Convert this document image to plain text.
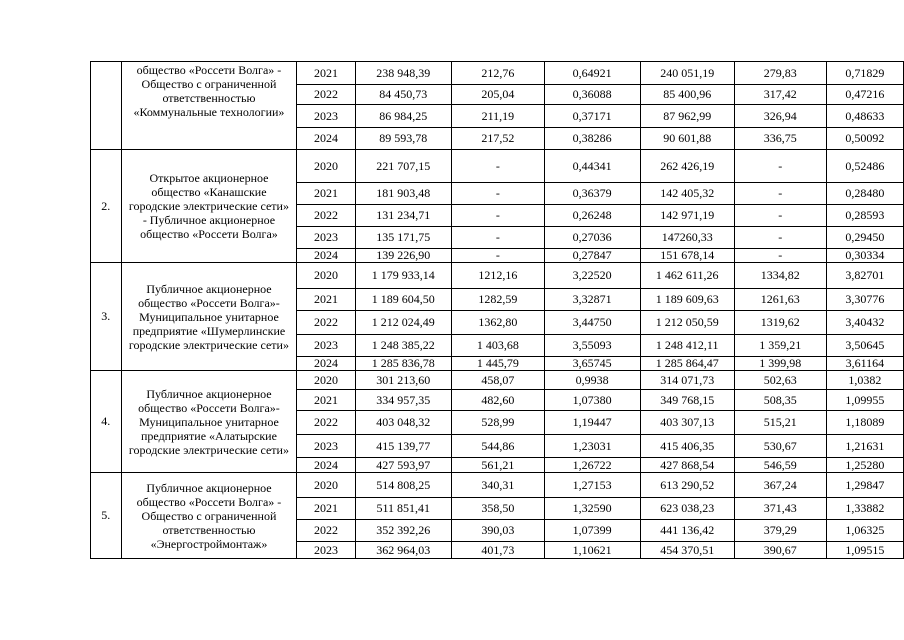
	общество «Россети Волга» - Общество с ограниченной ответственностью «Коммунальные технологии»	2021	238 948,39	212,76	0,64921	240 051,19	279,83	0,71829
		2022	84 450,73	205,04	0,36088	85 400,96	317,42	0,47216
		2023	86 984,25	211,19	0,37171	87 962,99	326,94	0,48633
		2024	89 593,78	217,52	0,38286	90 601,88	336,75	0,50092
2.	Открытое акционерное общество «Канашские городские электрические сети» - Публичное акционерное общество «Россети Волга»	2020	221 707,15	-	0,44341	262 426,19	-	0,52486
		2021	181 903,48	-	0,36379	142 405,32	-	0,28480
		2022	131 234,71	-	0,26248	142 971,19	-	0,28593
		2023	135 171,75	-	0,27036	147260,33	-	0,29450
		2024	139 226,90	-	0,27847	151 678,14	-	0,30334
3.	Публичное акционерное общество «Россети Волга»- Муниципальное унитарное предприятие «Шумерлинские городские электрические сети»	2020	1 179 933,14	1212,16	3,22520	1 462 611,26	1334,82	3,82701
		2021	1 189 604,50	1282,59	3,32871	1 189 609,63	1261,63	3,30776
		2022	1 212 024,49	1362,80	3,44750	1 212 050,59	1319,62	3,40432
		2023	1 248 385,22	1 403,68	3,55093	1 248 412,11	1 359,21	3,50645
		2024	1 285 836,78	1 445,79	3,65745	1 285 864,47	1 399,98	3,61164
4.	Публичное акционерное общество «Россети Волга»- Муниципальное унитарное предприятие «Алатырские городские электрические сети»	2020	301 213,60	458,07	0,9938	314 071,73	502,63	1,0382
		2021	334 957,35	482,60	1,07380	349 768,15	508,35	1,09955
		2022	403 048,32	528,99	1,19447	403 307,13	515,21	1,18089
		2023	415 139,77	544,86	1,23031	415 406,35	530,67	1,21631
		2024	427 593,97	561,21	1,26722	427 868,54	546,59	1,25280
5.	Публичное акционерное общество «Россети Волга» - Общество с ограниченной ответственностью «Энергостроймонтаж»	2020	514 808,25	340,31	1,27153	613 290,52	367,24	1,29847
		2021	511 851,41	358,50	1,32590	623 038,23	371,43	1,33882
		2022	352 392,26	390,03	1,07399	441 136,42	379,29	1,06325
		2023	362 964,03	401,73	1,10621	454 370,51	390,67	1,09515
